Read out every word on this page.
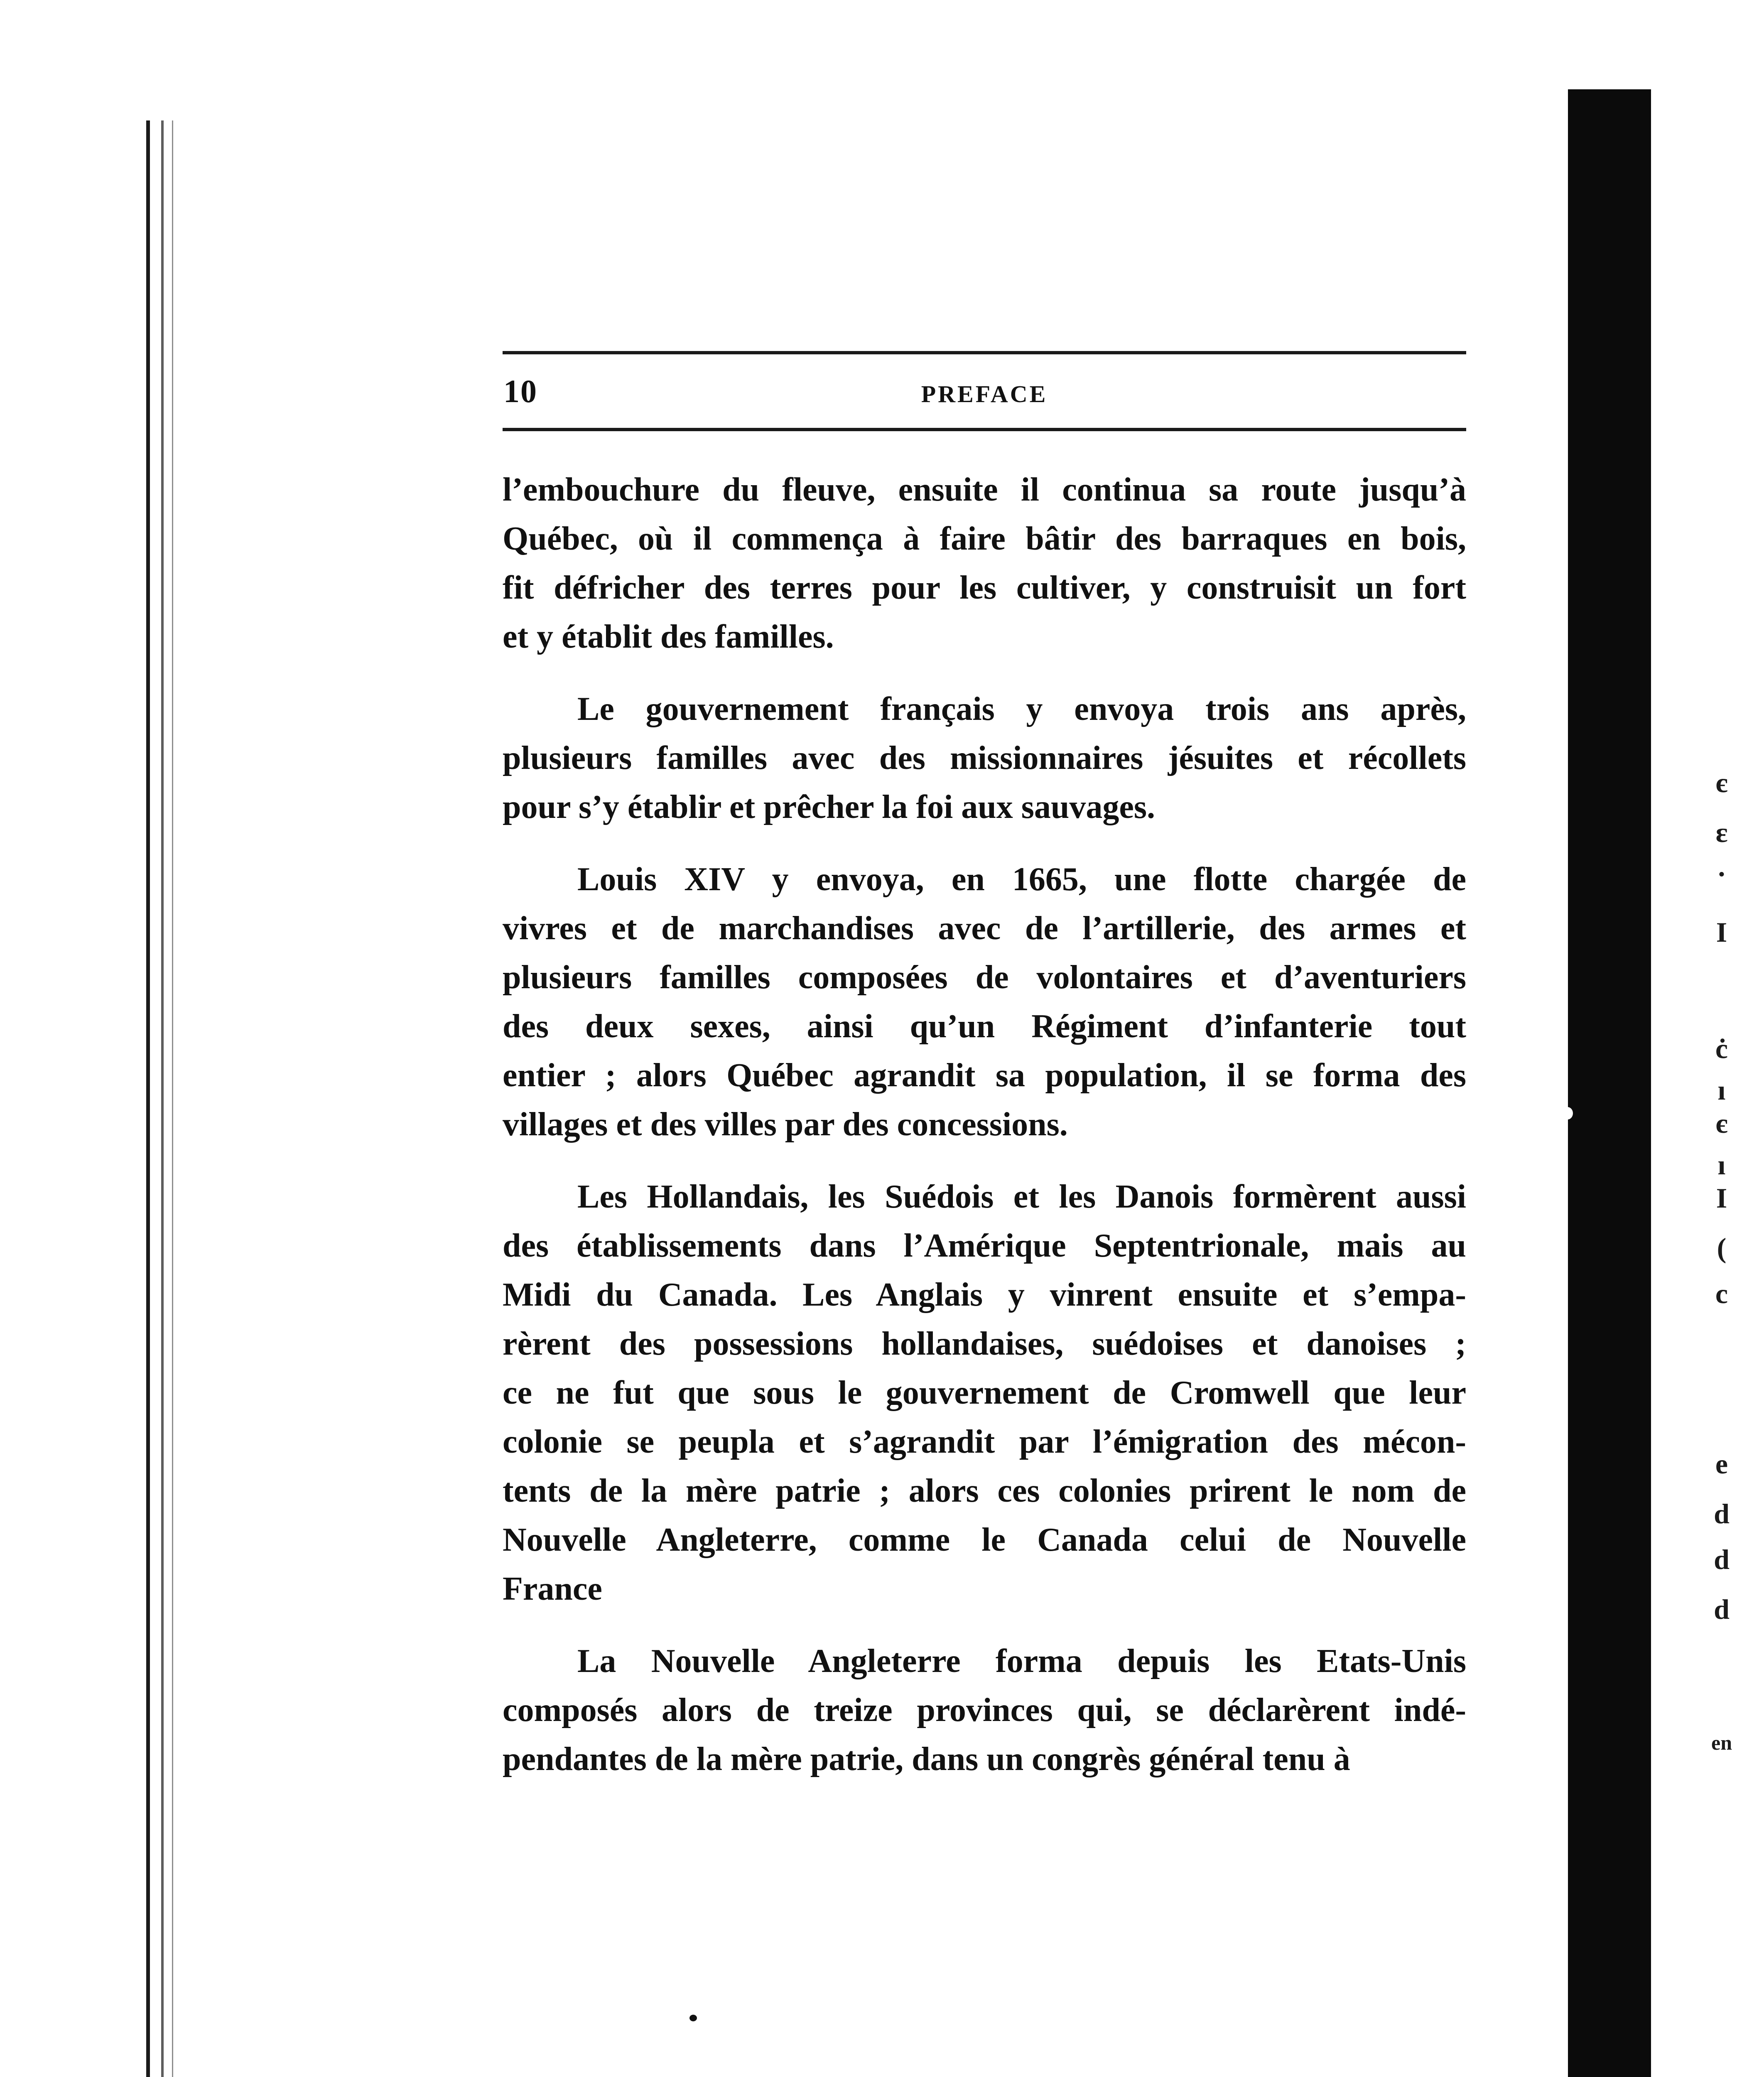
є
ɛ
·
I
ċ
ı
є
ı
I
(
c
e
d
d
d
en
10	PREFACE

l’embouchure du fleuve, ensuite il continua sa route jusqu’à
Québec, où il commença à faire bâtir des barraques en bois,
fit défricher des terres pour les cultiver, y construisit un fort
et y établit des familles.

Le gouvernement français y envoya trois ans après,
plusieurs familles avec des missionnaires jésuites et récollets
pour s’y établir et prêcher la foi aux sauvages.

Louis XIV y envoya, en 1665, une flotte chargée de
vivres et de marchandises avec de l’artillerie, des armes et
plusieurs familles composées de volontaires et d’aventuriers
des deux sexes, ainsi qu’un Régiment d’infanterie tout
entier ; alors Québec agrandit sa population, il se forma des
villages et des villes par des concessions.

Les Hollandais, les Suédois et les Danois formèrent aussi
des établissements dans l’Amérique Septentrionale, mais au
Midi du Canada. Les Anglais y vinrent ensuite et s’empa-
rèrent des possessions hollandaises, suédoises et danoises ;
ce ne fut que sous le gouvernement de Cromwell que leur
colonie se peupla et s’agrandit par l’émigration des mécon-
tents de la mère patrie ; alors ces colonies prirent le nom de
Nouvelle Angleterre, comme le Canada celui de Nouvelle
France

La Nouvelle Angleterre forma depuis les Etats-Unis
composés alors de treize provinces qui, se déclarèrent indé-
pendantes de la mère patrie, dans un congrès général tenu à
